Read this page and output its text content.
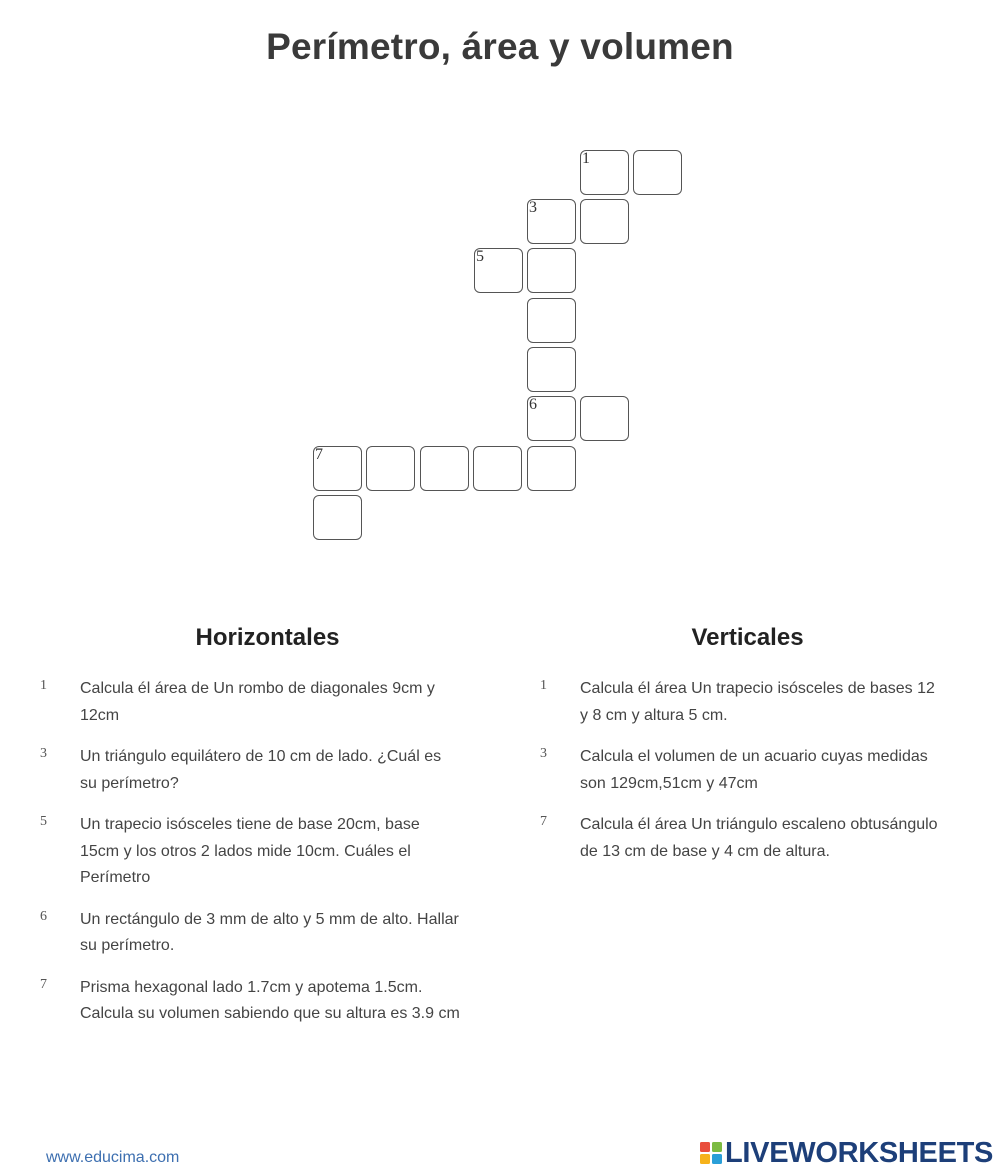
Perímetro, área y volumen
1
3
5
6
7
Horizontales
1	Calcula él área de Un rombo de diagonales 9cm y 12cm
3	Un triángulo equilátero de 10 cm de lado. ¿Cuál es su perímetro?
5	Un trapecio isósceles tiene de base 20cm, base 15cm y los otros 2 lados mide 10cm. Cuáles el Perímetro
6	Un rectángulo de 3 mm de alto y 5 mm de alto. Hallar su perímetro.
7	Prisma hexagonal lado 1.7cm y apotema 1.5cm. Calcula su volumen sabiendo que su altura es 3.9 cm
Verticales
1	Calcula él área Un trapecio isósceles de bases 12 y 8 cm y altura 5 cm.
3	Calcula el volumen de un acuario cuyas medidas son 129cm,51cm y 47cm
7	Calcula él área Un triángulo escaleno obtusángulo de 13 cm de base y 4 cm de altura.
www.educima.com	LIVEWORKSHEETS
